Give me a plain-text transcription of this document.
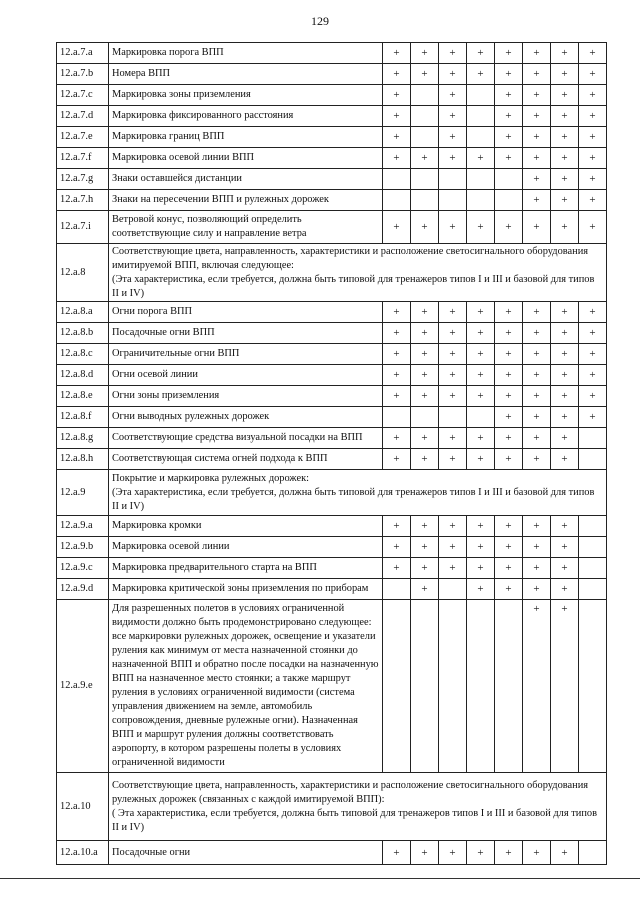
129
12.a.7.a	Маркировка порога ВПП	+	+	+	+	+	+	+	+
12.a.7.b	Номера ВПП	+	+	+	+	+	+	+	+
12.a.7.c	Маркировка зоны приземления	+		+		+	+	+	+
12.a.7.d	Маркировка фиксированного расстояния	+		+		+	+	+	+
12.a.7.e	Маркировка границ ВПП	+		+		+	+	+	+
12.a.7.f	Маркировка осевой линии ВПП	+	+	+	+	+	+	+	+
12.a.7.g	Знаки оставшейся дистанции						+	+	+
12.a.7.h	Знаки на пересечении ВПП и рулежных дорожек						+	+	+
12.a.7.i	Ветровой конус, позволяющий определить соответствующие силу и направление ветра	+	+	+	+	+	+	+	+
12.a.8	Соответствующие цвета, направленность, характеристики и расположение светосигнального оборудования имитируемой ВПП, включая следующее:
(Эта характеристика, если требуется, должна быть типовой для тренажеров типов I и III и базовой для типов II и IV)								

12.a.8.a	Огни порога ВПП	+	+	+	+	+	+	+	+
12.a.8.b	Посадочные огни ВПП	+	+	+	+	+	+	+	+
12.a.8.c	Ограничительные огни ВПП	+	+	+	+	+	+	+	+
12.a.8.d	Огни осевой линии	+	+	+	+	+	+	+	+
12.a.8.e	Огни зоны приземления	+	+	+	+	+	+	+	+
12.a.8.f	Огни выводных рулежных дорожек					+	+	+	+
12.a.8.g	Соответствующие средства визуальной посадки на ВПП	+	+	+	+	+	+	+	
12.a.8.h	Соответствующая система огней подхода к ВПП	+	+	+	+	+	+	+	
12.a.9	Покрытие и маркировка рулежных дорожек:
(Эта характеристика, если требуется, должна быть типовой для тренажеров типов I и III и базовой для типов II и IV)								

12.a.9.a	Маркировка кромки	+	+	+	+	+	+	+	
12.a.9.b	Маркировка осевой линии	+	+	+	+	+	+	+	
12.a.9.c	Маркировка предварительного старта на ВПП	+	+	+	+	+	+	+	
12.a.9.d	Маркировка критической зоны приземления по приборам		+		+	+	+	+	
12.a.9.e	Для разрешенных полетов в условиях ограниченной видимости должно быть продемонстрировано следующее: все маркировки рулежных дорожек, освещение и указатели руления как минимум от места назначенной стоянки до назначенной ВПП и обратно после посадки на назначенную ВПП на назначенное место стоянки; а также маршрут руления в условиях ограниченной видимости (система управления движением на земле, автомобиль сопровождения, дневные рулежные огни). Назначенная ВПП и маршрут руления должны соответствовать аэропорту, в котором разрешены полеты в условиях ограниченной видимости						+	+	
12.a.10	Соответствующие цвета, направленность, характеристики и расположение светосигнального оборудования рулежных дорожек (связанных с каждой имитируемой ВПП):
( Эта характеристика, если требуется, должна быть типовой для тренажеров типов I и III и базовой для типов II и IV)								

12.a.10.a	Посадочные огни	+	+	+	+	+	+	+	
